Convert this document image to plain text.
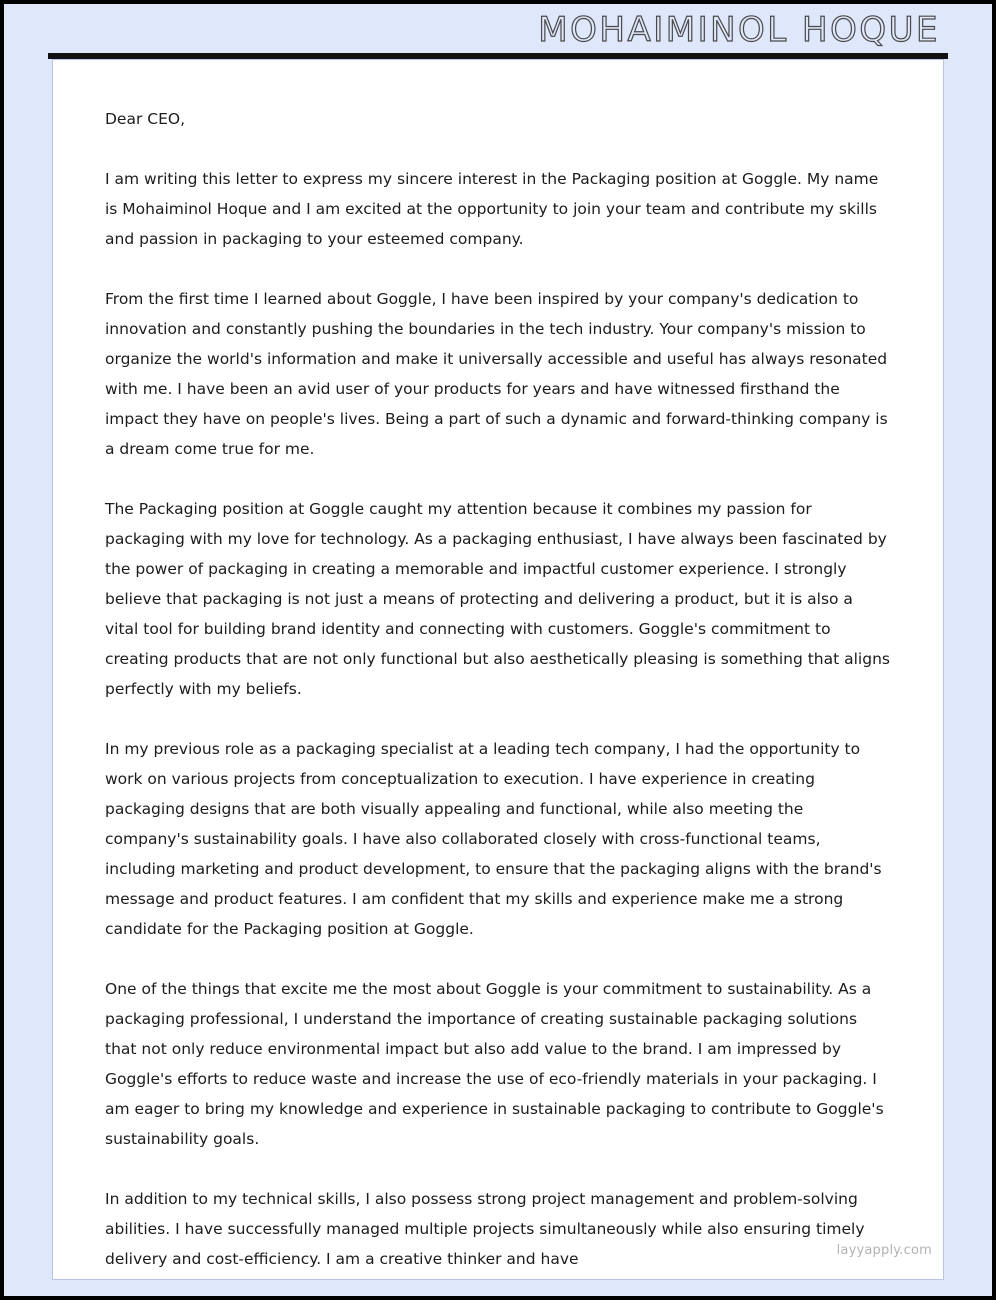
MOHAIMINOL HOQUE

Dear CEO,

I am writing this letter to express my sincere interest in the Packaging position at Goggle. My name is Mohaiminol Hoque and I am excited at the opportunity to join your team and contribute my skills and passion in packaging to your esteemed company.

From the first time I learned about Goggle, I have been inspired by your company's dedication to innovation and constantly pushing the boundaries in the tech industry. Your company's mission to organize the world's information and make it universally accessible and useful has always resonated with me. I have been an avid user of your products for years and have witnessed firsthand the impact they have on people's lives. Being a part of such a dynamic and forward-thinking company is a dream come true for me.

The Packaging position at Goggle caught my attention because it combines my passion for packaging with my love for technology. As a packaging enthusiast, I have always been fascinated by the power of packaging in creating a memorable and impactful customer experience. I strongly believe that packaging is not just a means of protecting and delivering a product, but it is also a vital tool for building brand identity and connecting with customers. Goggle's commitment to creating products that are not only functional but also aesthetically pleasing is something that aligns perfectly with my beliefs.

In my previous role as a packaging specialist at a leading tech company, I had the opportunity to work on various projects from conceptualization to execution. I have experience in creating packaging designs that are both visually appealing and functional, while also meeting the company's sustainability goals. I have also collaborated closely with cross-functional teams, including marketing and product development, to ensure that the packaging aligns with the brand's message and product features. I am confident that my skills and experience make me a strong candidate for the Packaging position at Goggle.

One of the things that excite me the most about Goggle is your commitment to sustainability. As a packaging professional, I understand the importance of creating sustainable packaging solutions that not only reduce environmental impact but also add value to the brand. I am impressed by Goggle's efforts to reduce waste and increase the use of eco-friendly materials in your packaging. I am eager to bring my knowledge and experience in sustainable packaging to contribute to Goggle's sustainability goals.

In addition to my technical skills, I also possess strong project management and problem-solving abilities. I have successfully managed multiple projects simultaneously while also ensuring timely delivery and cost-efficiency. I am a creative thinker and have	layyapply.com
